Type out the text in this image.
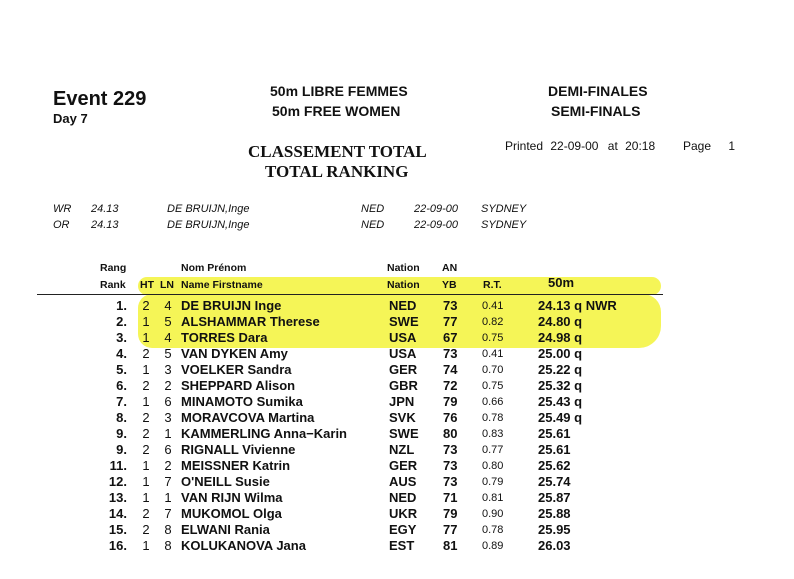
Event 229
Day 7
50m LIBRE FEMMES
50m FREE WOMEN
DEMI-FINALES
SEMI-FINALS
CLASSEMENT TOTAL
TOTAL RANKING
Printed 22-09-00 at 20:18 Page 1
WR 24.13	DE BRUIJN,Inge	NED	22-09-00 SYDNEY
OR 24.13	DE BRUIJN,Inge	NED	22-09-00 SYDNEY
Rang	Nom Prénom	Nation AN
Rank HT LN Name Firstname	Nation YB	R.T.	50m
1. 2 4 DE BRUIJN Inge	NED 73 0.41	24.13 q NWR
2. 1 5 ALSHAMMAR Therese	SWE 77 0.82	24.80 q
3. 1 4 TORRES Dara	USA 67 0.75	24.98 q
4. 2 5 VAN DYKEN Amy	USA 73 0.41	25.00 q
5. 1 3 VOELKER Sandra	GER 74 0.70	25.22 q
6. 2 2 SHEPPARD Alison	GBR 72 0.75	25.32 q
7. 1 6 MINAMOTO Sumika	JPN 79 0.66	25.43 q
8. 2 3 MORAVCOVA Martina	SVK 76 0.78	25.49 q
9. 2 1 KAMMERLING Anna−Karin	SWE 80 0.83	25.61
9. 2 6 RIGNALL Vivienne	NZL 73 0.77	25.61
11. 1 2 MEISSNER Katrin	GER 73 0.80	25.62
12. 1 7 O'NEILL Susie	AUS 73 0.79	25.74
13. 1 1 VAN RIJN Wilma	NED 71 0.81	25.87
14. 2 7 MUKOMOL Olga	UKR 79 0.90	25.88
15. 2 8 ELWANI Rania	EGY 77 0.78	25.95
16. 1 8 KOLUKANOVA Jana	EST 81 0.89	26.03
